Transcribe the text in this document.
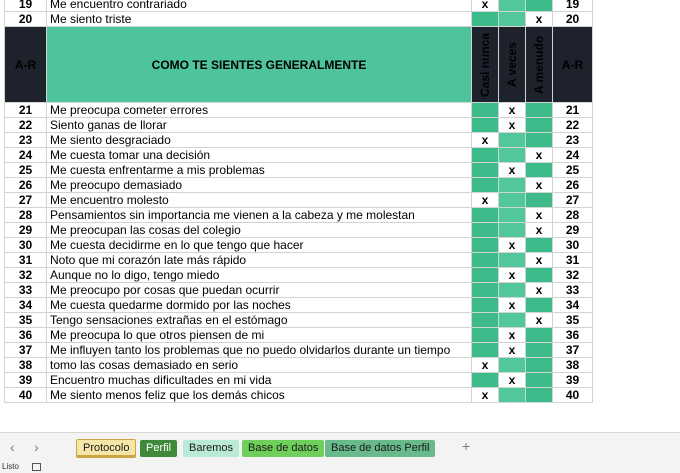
19	Me encuentro contrariado	x			19
20	Me siento triste			x	20
A-R	COMO TE SIENTES GENERALMENTE	Casi nunca	A veces	A menudo	A-R
21	Me preocupa cometer errores		x		21
22	Siento ganas de llorar		x		22
23	Me siento desgraciado	x			23
24	Me cuesta tomar una decisión			x	24
25	Me cuesta enfrentarme a mis problemas		x		25
26	Me preocupo demasiado			x	26
27	Me encuentro molesto	x			27
28	Pensamientos sin importancia me vienen a la cabeza y me molestan			x	28
29	Me preocupan las cosas del colegio			x	29
30	Me cuesta decidirme en lo que tengo que hacer		x		30
31	Noto que mi corazón late más rápido			x	31
32	Aunque no lo digo, tengo miedo		x		32
33	Me preocupo por cosas que puedan ocurrir			x	33
34	Me cuesta quedarme dormido por las noches		x		34
35	Tengo sensaciones extrañas en el estómago			x	35
36	Me preocupa lo que otros piensen de mi		x		36
37	Me influyen tanto los problemas que no puedo olvidarlos durante un tiempo		x		37
38	tomo las cosas demasiado en serio	x			38
39	Encuentro muchas dificultades en mi vida		x		39
40	Me siento menos feliz que los demás chicos	x			40
‹ ›	Protocolo	Perfil	Baremos	Base de datos	Base de datos Perfil	+
Listo
